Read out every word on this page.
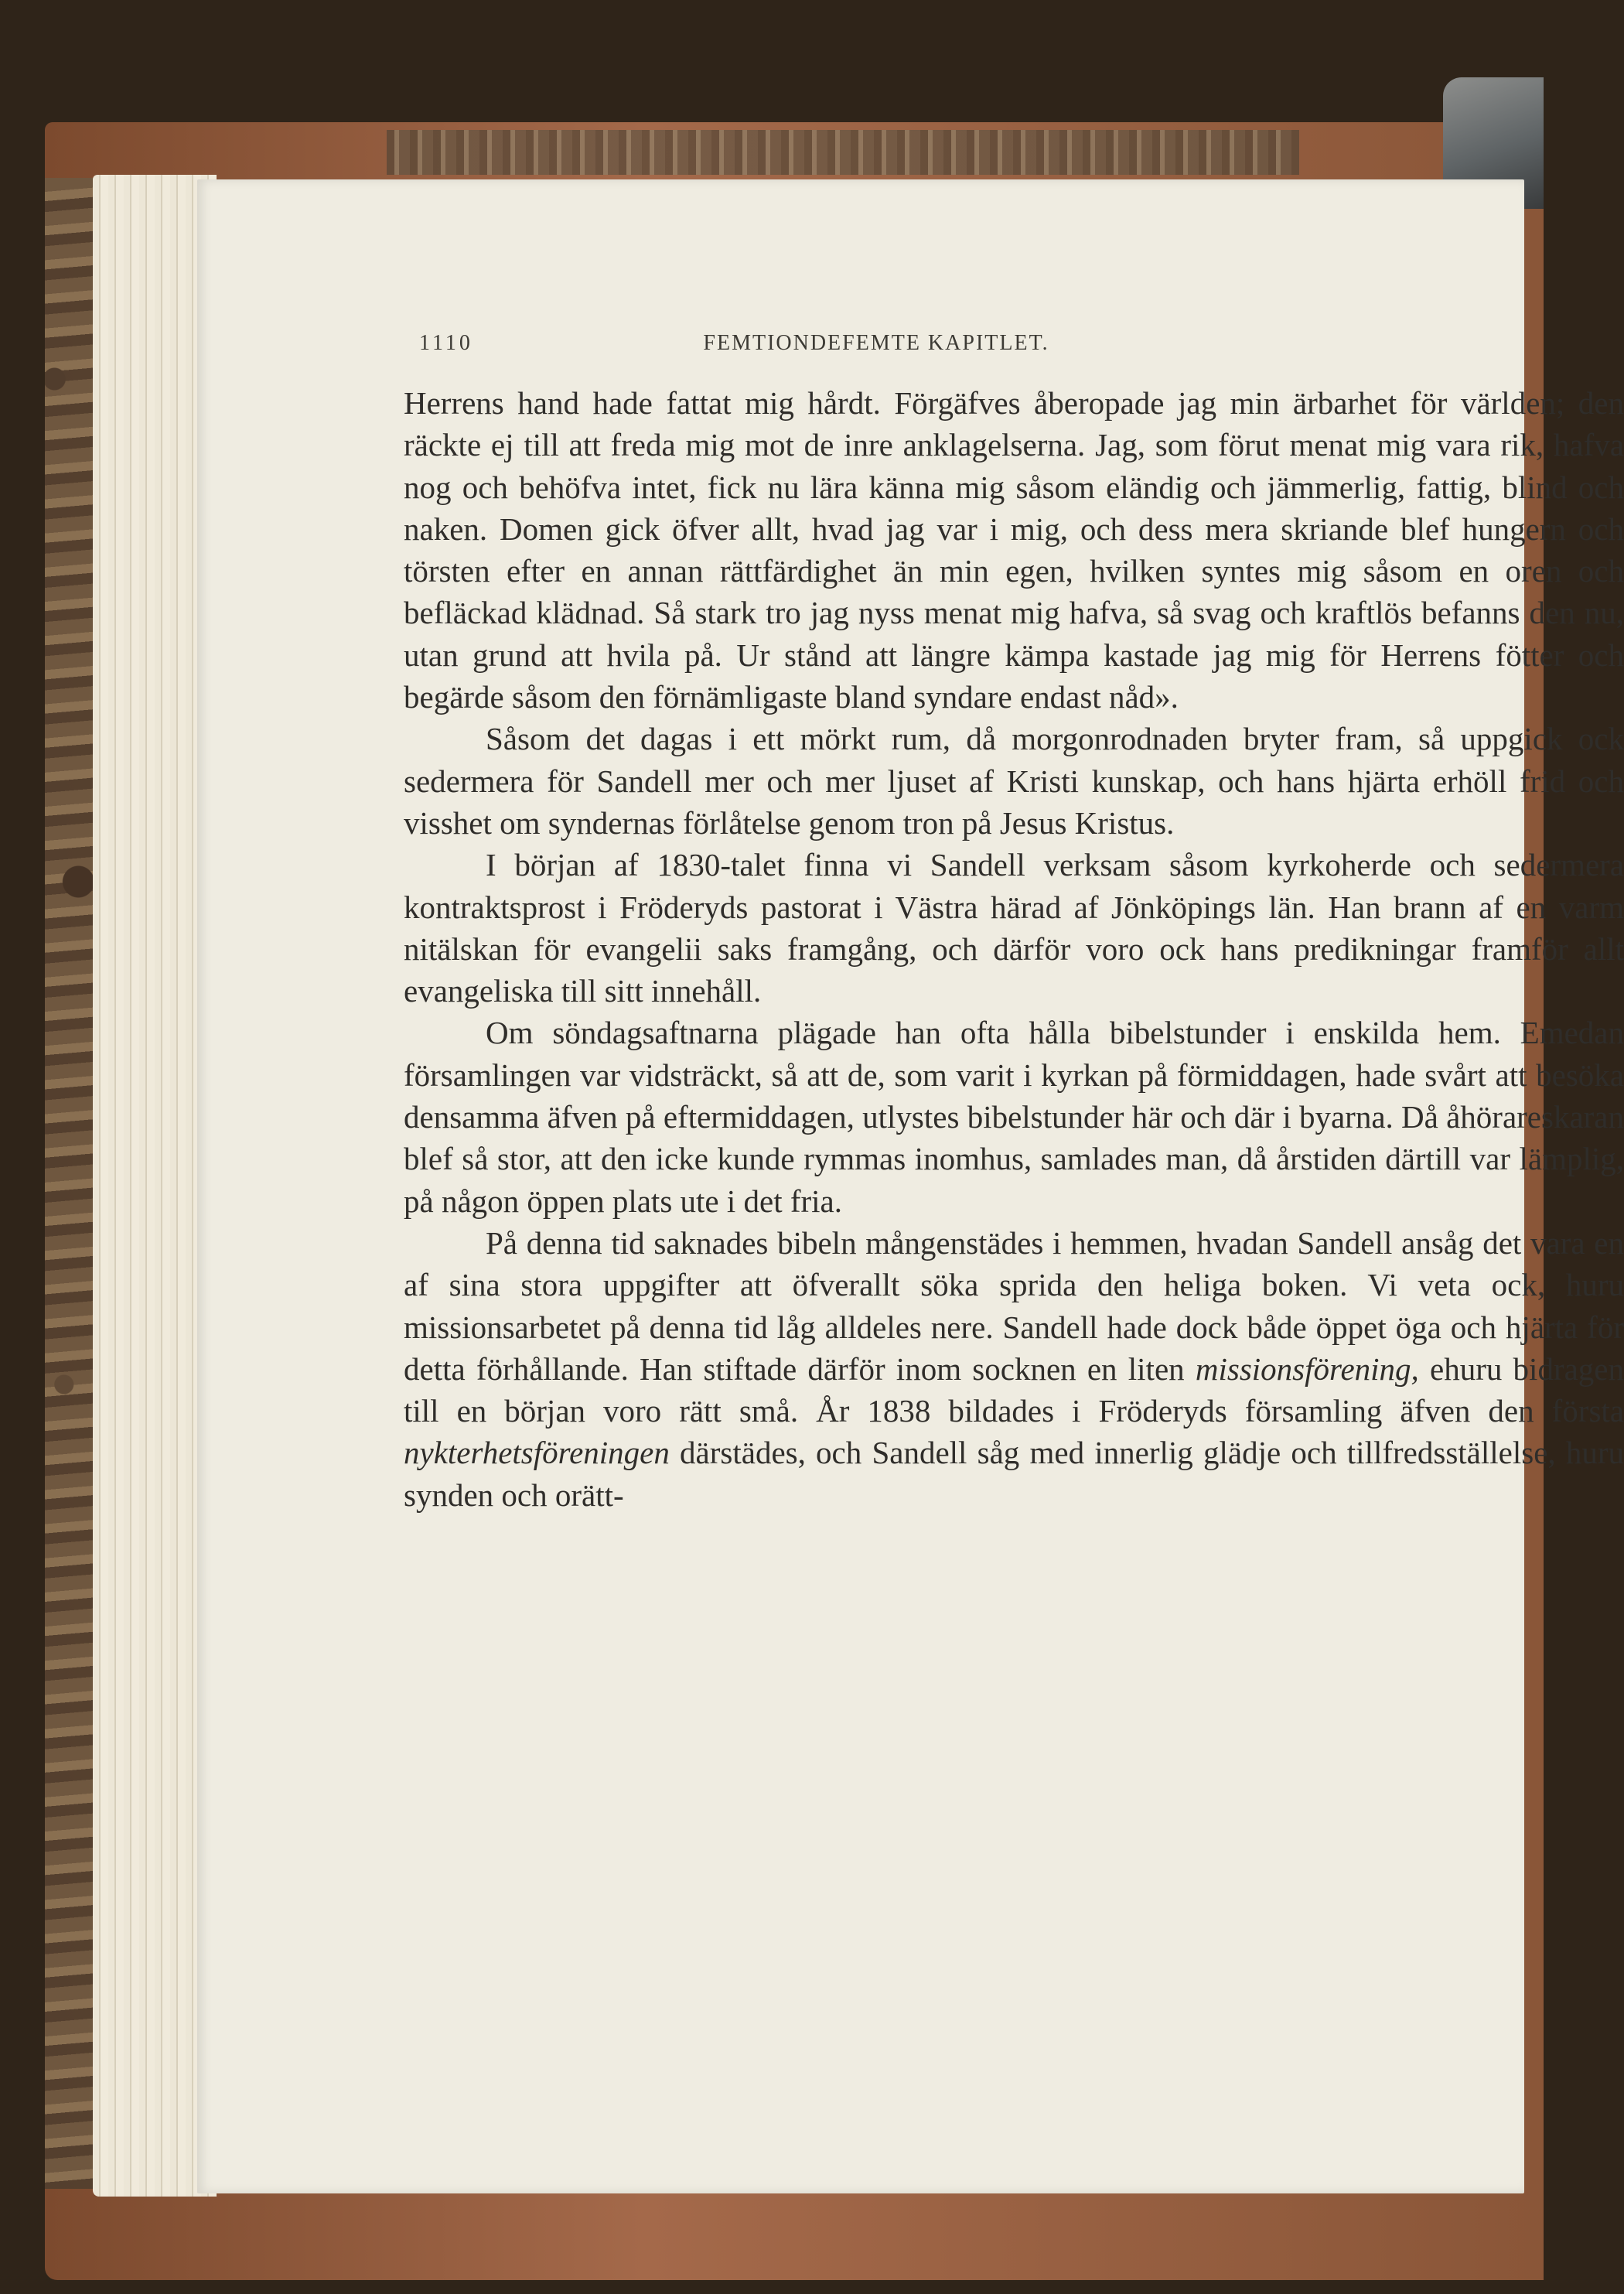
1110	FEMTIONDEFEMTE KAPITLET.

Herrens hand hade fattat mig hårdt. Förgäfves åberopade jag min ärbarhet för världen; den räckte ej till att freda mig mot de inre anklagelserna. Jag, som förut menat mig vara rik, hafva nog och behöfva intet, fick nu lära känna mig såsom eländig och jämmerlig, fattig, blind och naken. Domen gick öfver allt, hvad jag var i mig, och dess mera skriande blef hungern och törsten efter en annan rättfärdighet än min egen, hvilken syntes mig såsom en oren och befläckad klädnad. Så stark tro jag nyss menat mig hafva, så svag och kraftlös befanns den nu, utan grund att hvila på. Ur stånd att längre kämpa kastade jag mig för Herrens fötter och begärde såsom den förnämligaste bland syndare endast nåd».

Såsom det dagas i ett mörkt rum, då morgonrodnaden bryter fram, så uppgick ock sedermera för Sandell mer och mer ljuset af Kristi kunskap, och hans hjärta erhöll frid och visshet om syndernas förlåtelse genom tron på Jesus Kristus.

I början af 1830-talet finna vi Sandell verksam såsom kyrkoherde och sedermera kontraktsprost i Fröderyds pastorat i Västra härad af Jönköpings län. Han brann af en varm nitälskan för evangelii saks framgång, och därför voro ock hans predikningar framför allt evangeliska till sitt innehåll.

Om söndagsaftnarna plägade han ofta hålla bibelstunder i enskilda hem. Emedan församlingen var vidsträckt, så att de, som varit i kyrkan på förmiddagen, hade svårt att besöka densamma äfven på eftermiddagen, utlystes bibelstunder här och där i byarna. Då åhörareskaran blef så stor, att den icke kunde rymmas inomhus, samlades man, då årstiden därtill var lämplig, på någon öppen plats ute i det fria.

På denna tid saknades bibeln mångenstädes i hemmen, hvadan Sandell ansåg det vara en af sina stora uppgifter att öfverallt söka sprida den heliga boken. Vi veta ock, huru missionsarbetet på denna tid låg alldeles nere. Sandell hade dock både öppet öga och hjärta för detta förhållande. Han stiftade därför inom socknen en liten missionsförening, ehuru bidragen till en början voro rätt små. År 1838 bildades i Fröderyds församling äfven den första nykterhetsföreningen därstädes, och Sandell såg med innerlig glädje och tillfredsställelse, huru synden och orätt-
